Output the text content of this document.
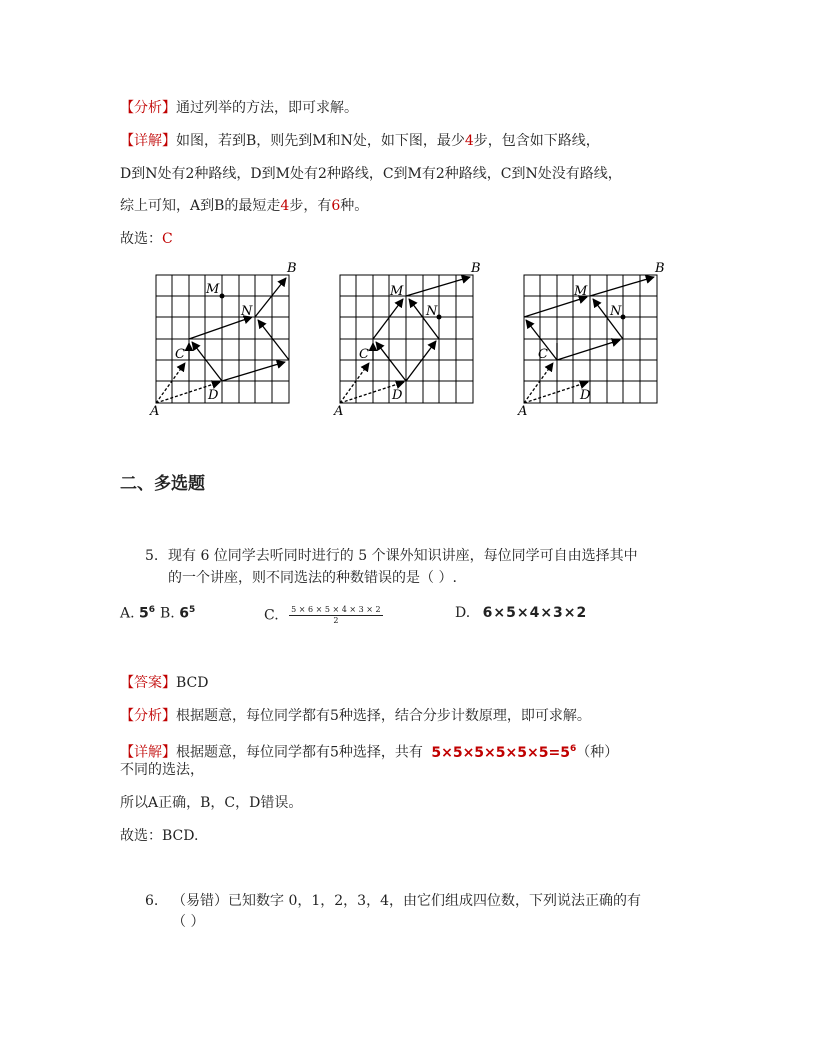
【分析】通过列举的方法，即可求解。
【详解】如图，若到B，则先到M和N处，如下图，最少4步，包含如下路线，
D到N处有2种路线，D到M处有2种路线，C到M有2种路线，C到N处没有路线，
综上可知，A到B的最短走4步，有6种。
故选：C
A
B
C
D
M
N
A
B
C
D
M
N
A
B
C
D
M
N
二、多选题
5. 现有 6 位同学去听同时进行的 5 个课外知识讲座，每位同学可自由选择其中
的一个讲座，则不同选法的种数错误的是（ ）.
A. $5^6$ B. $6^5$	C. $\frac{5 \times 6 \times 5 \times 4 \times 3 \times 2}{2}$	D. 6×5×4×3×2
【答案】BCD
【分析】根据题意，每位同学都有5种选择，结合分步计数原理，即可求解。
【详解】根据题意，每位同学都有5种选择，共有 $5\times 5\times 5\times 5\times 5\times 5=5^6$（种）
不同的选法，
所以A正确，B，C，D错误。
故选：BCD.
6. （易错）已知数字 0，1，2，3，4，由它们组成四位数，下列说法正确的有
（ ）
